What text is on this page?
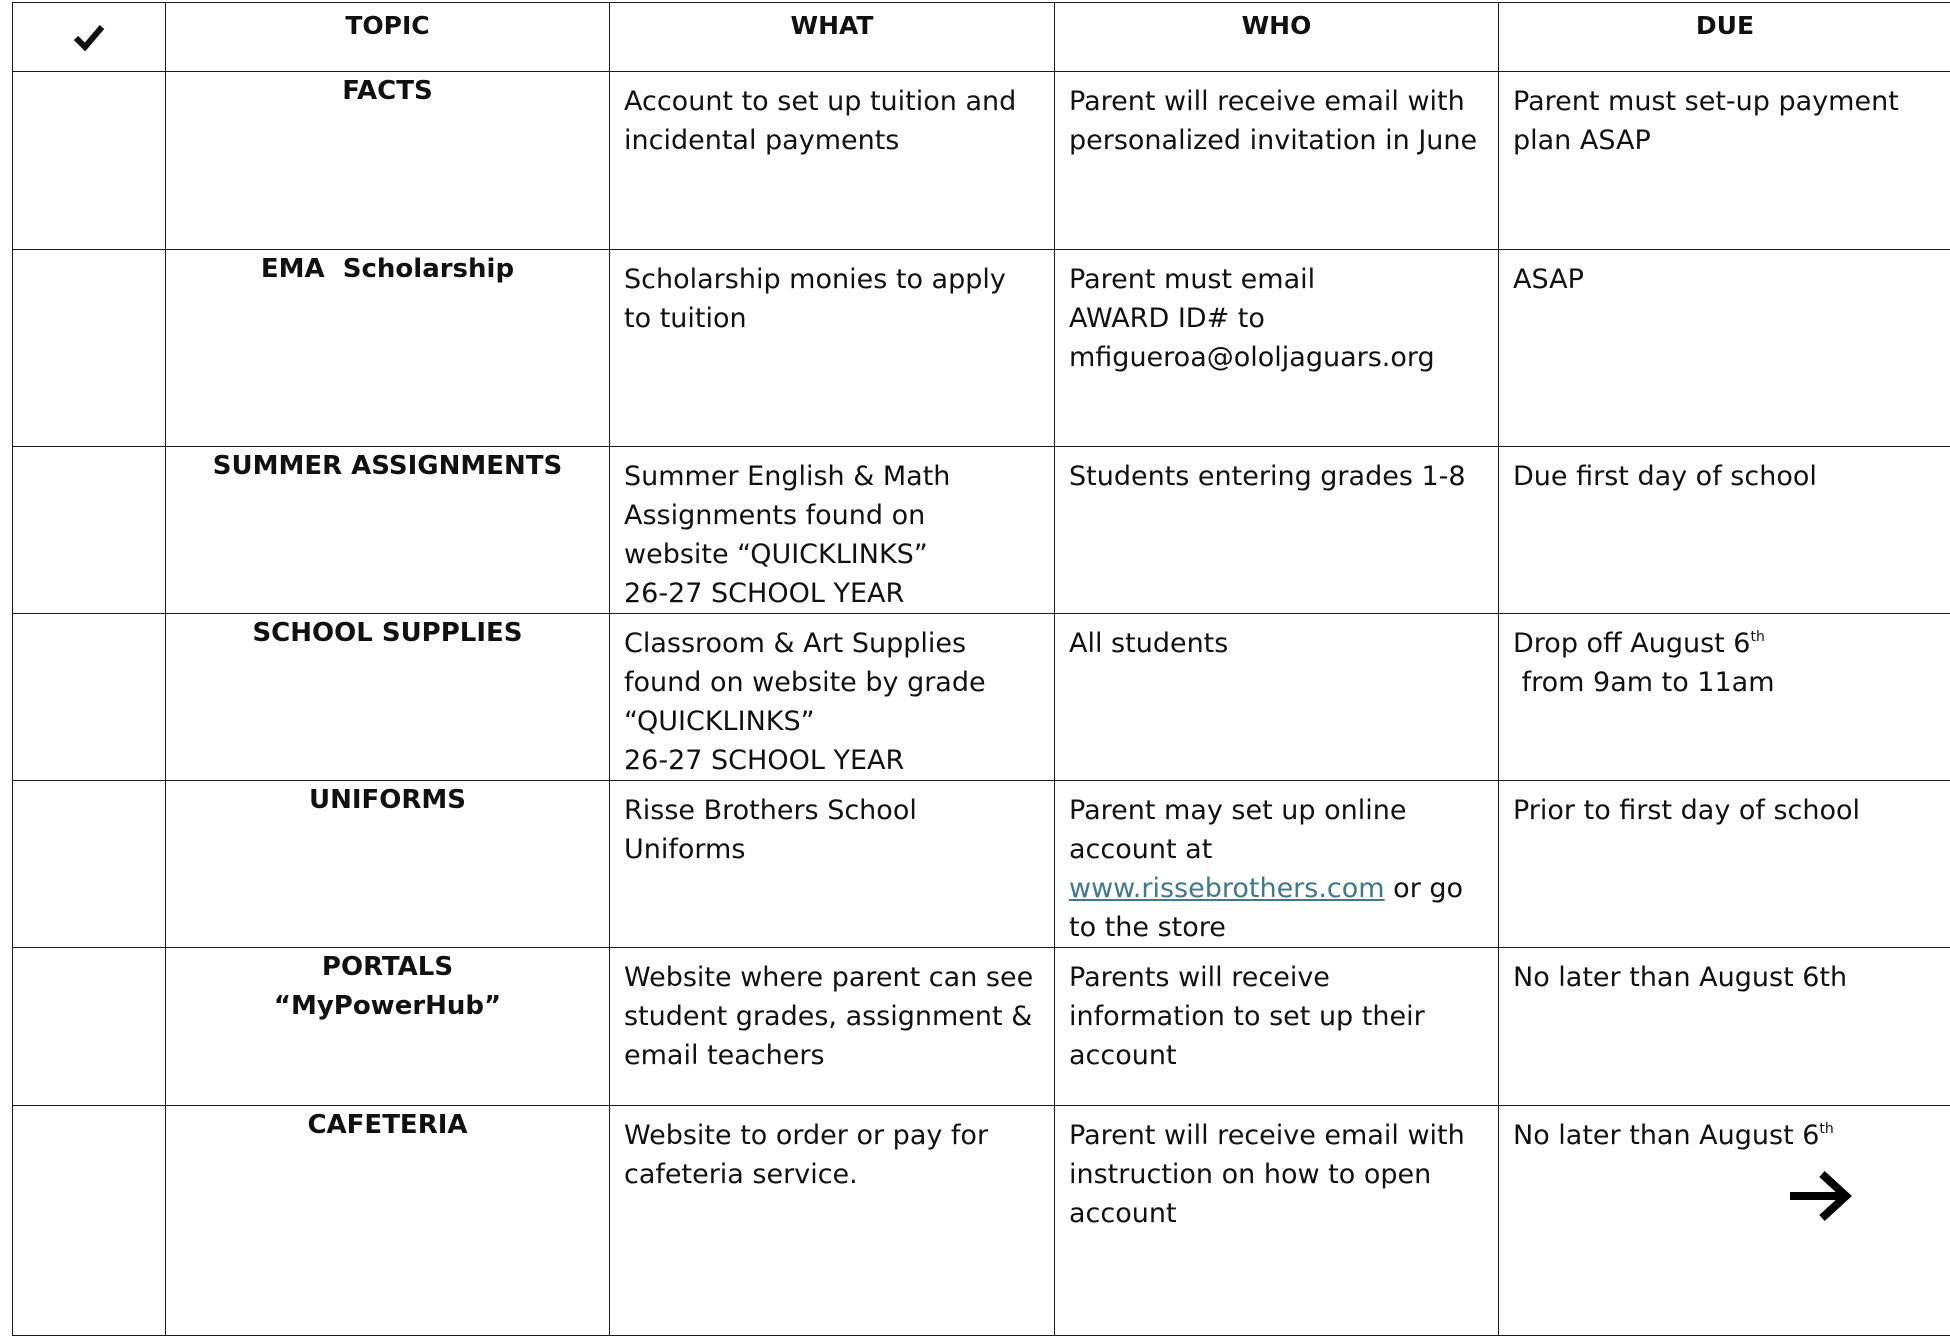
	TOPIC	WHAT	WHO	DUE

	FACTS	Account to set up tuition and
incidental payments	Parent will receive email with
personalized invitation in June	Parent must set-up payment
plan ASAP

	EMA  Scholarship	Scholarship monies to apply
to tuition	Parent must email
AWARD ID# to
mfigueroa@ololjaguars.org	ASAP

	SUMMER ASSIGNMENTS	Summer English & Math
Assignments found on
website “QUICKLINKS”
26-27 SCHOOL YEAR	Students entering grades 1-8	Due first day of school

	SCHOOL SUPPLIES	Classroom & Art Supplies
found on website by grade
“QUICKLINKS”
26-27 SCHOOL YEAR	All students	Drop off August 6th
from 9am to 11am

	UNIFORMS	Risse Brothers School
Uniforms	Parent may set up online
account at
www.rissebrothers.com or go
to the store	Prior to first day of school

	PORTALS
“MyPowerHub”	Website where parent can see
student grades, assignment &
email teachers	Parents will receive
information to set up their
account	No later than August 6th

	CAFETERIA	Website to order or pay for
cafeteria service.	Parent will receive email with
instruction on how to open
account	No later than August 6th
